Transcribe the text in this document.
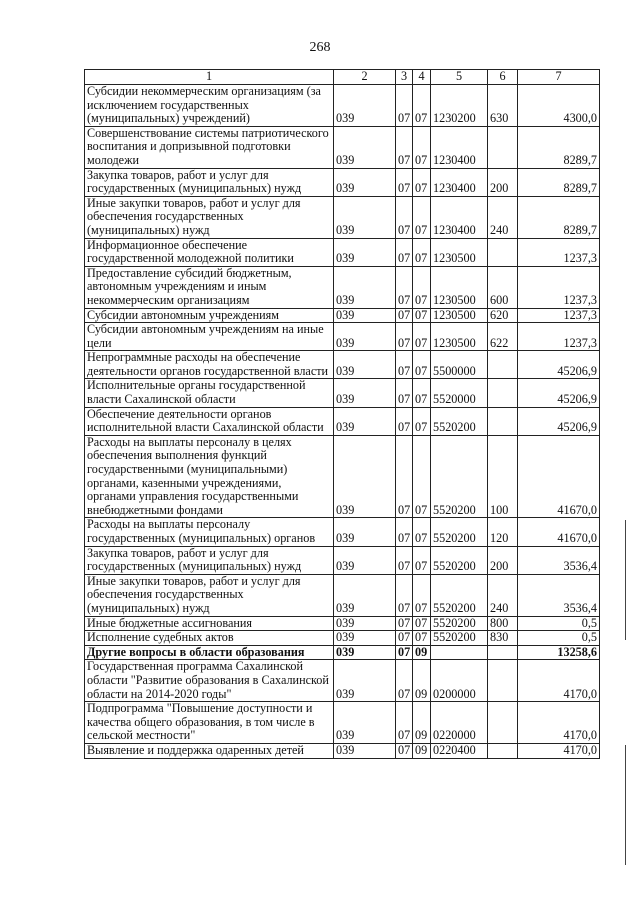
268
1	2	3	4	5	6	7
Субсидии некоммерческим организациям (за исключением государственных (муниципальных) учреждений)	039	07	07	1230200	630	4300,0
Совершенствование системы патриотического воспитания и допризывной подготовки молодежи	039	07	07	1230400		8289,7
Закупка товаров, работ и услуг для государственных (муниципальных) нужд	039	07	07	1230400	200	8289,7
Иные закупки товаров, работ и услуг для обеспечения государственных (муниципальных) нужд	039	07	07	1230400	240	8289,7
Информационное обеспечение государственной молодежной политики	039	07	07	1230500		1237,3
Предоставление субсидий бюджетным, автономным учреждениям и иным некоммерческим организациям	039	07	07	1230500	600	1237,3
Субсидии автономным учреждениям	039	07	07	1230500	620	1237,3
Субсидии автономным учреждениям на иные цели	039	07	07	1230500	622	1237,3
Непрограммные расходы на обеспечение деятельности органов государственной власти	039	07	07	5500000		45206,9
Исполнительные органы государственной власти Сахалинской области	039	07	07	5520000		45206,9
Обеспечение деятельности органов исполнительной власти Сахалинской области	039	07	07	5520200		45206,9
Расходы на выплаты персоналу в целях обеспечения выполнения функций государственными (муниципальными) органами, казенными учреждениями, органами управления государственными внебюджетными фондами	039	07	07	5520200	100	41670,0
Расходы на выплаты персоналу государственных (муниципальных) органов	039	07	07	5520200	120	41670,0
Закупка товаров, работ и услуг для государственных (муниципальных) нужд	039	07	07	5520200	200	3536,4
Иные закупки товаров, работ и услуг для обеспечения государственных (муниципальных) нужд	039	07	07	5520200	240	3536,4
Иные бюджетные ассигнования	039	07	07	5520200	800	0,5
Исполнение судебных актов	039	07	07	5520200	830	0,5
Другие вопросы в области образования	039	07	09			13258,6
Государственная программа Сахалинской области "Развитие образования в Сахалинской области на 2014-2020 годы"	039	07	09	0200000		4170,0
Подпрограмма "Повышение доступности и качества общего образования, в том числе в сельской местности"	039	07	09	0220000		4170,0
Выявление и поддержка одаренных детей	039	07	09	0220400		4170,0
